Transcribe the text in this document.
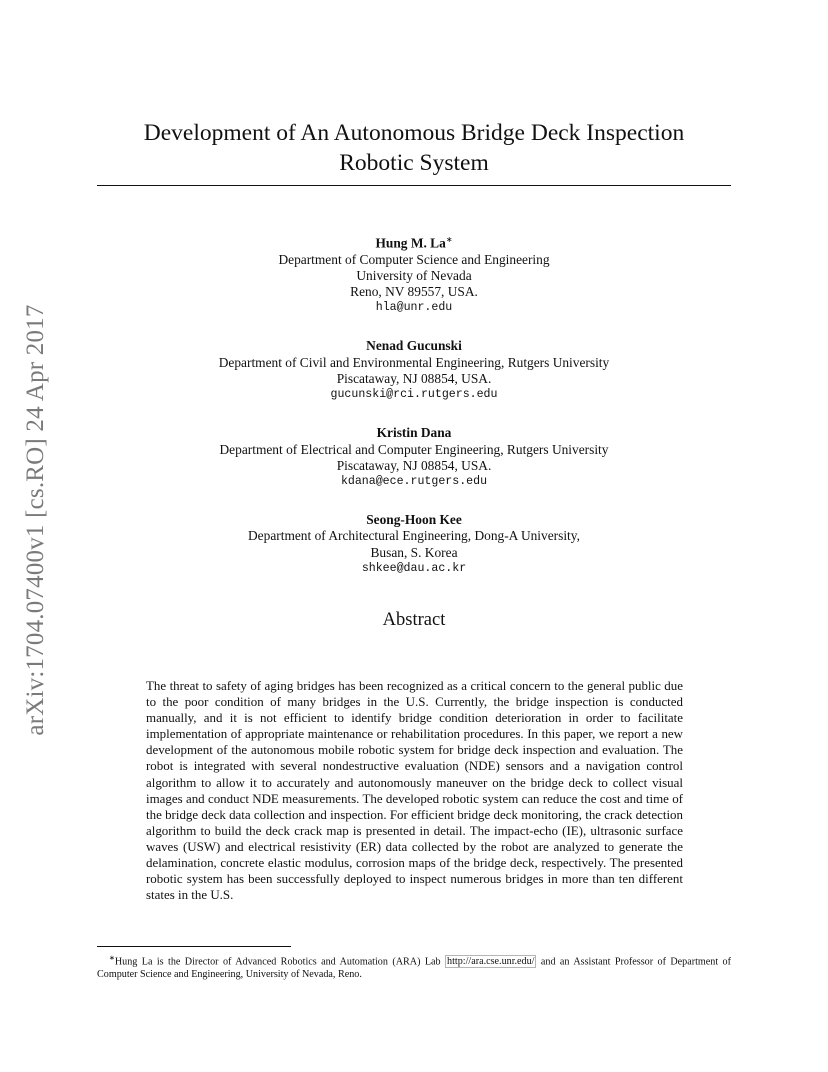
arXiv:1704.07400v1 [cs.RO] 24 Apr 2017
Development of An Autonomous Bridge Deck Inspection
Robotic System
Hung M. La∗
Department of Computer Science and Engineering
University of Nevada
Reno, NV 89557, USA.
hla@unr.edu
Nenad Gucunski
Department of Civil and Environmental Engineering, Rutgers University
Piscataway, NJ 08854, USA.
gucunski@rci.rutgers.edu
Kristin Dana
Department of Electrical and Computer Engineering, Rutgers University
Piscataway, NJ 08854, USA.
kdana@ece.rutgers.edu
Seong-Hoon Kee
Department of Architectural Engineering, Dong-A University,
Busan, S. Korea
shkee@dau.ac.kr
Abstract

The threat to safety of aging bridges has been recognized as a critical concern to the general public due to the poor condition of many bridges in the U.S. Currently, the bridge inspection is conducted manually, and it is not efficient to identify bridge condition deterioration in order to facilitate implementation of appropriate maintenance or rehabilitation procedures. In this paper, we report a new development of the autonomous mobile robotic system for bridge deck inspection and evaluation. The robot is integrated with several nondestructive evaluation (NDE) sensors and a navigation control algorithm to allow it to accurately and autonomously maneuver on the bridge deck to collect visual images and conduct NDE measurements. The developed robotic system can reduce the cost and time of the bridge deck data collection and inspection. For efficient bridge deck monitoring, the crack detection algorithm to build the deck crack map is presented in detail. The impact-echo (IE), ultrasonic surface waves (USW) and electrical resistivity (ER) data collected by the robot are analyzed to generate the delamination, concrete elastic modulus, corrosion maps of the bridge deck, respectively. The presented robotic system has been successfully deployed to inspect numerous bridges in more than ten different states in the U.S.

∗Hung La is the Director of Advanced Robotics and Automation (ARA) Lab http://ara.cse.unr.edu/ and an Assistant Professor of Department of Computer Science and Engineering, University of Nevada, Reno.
